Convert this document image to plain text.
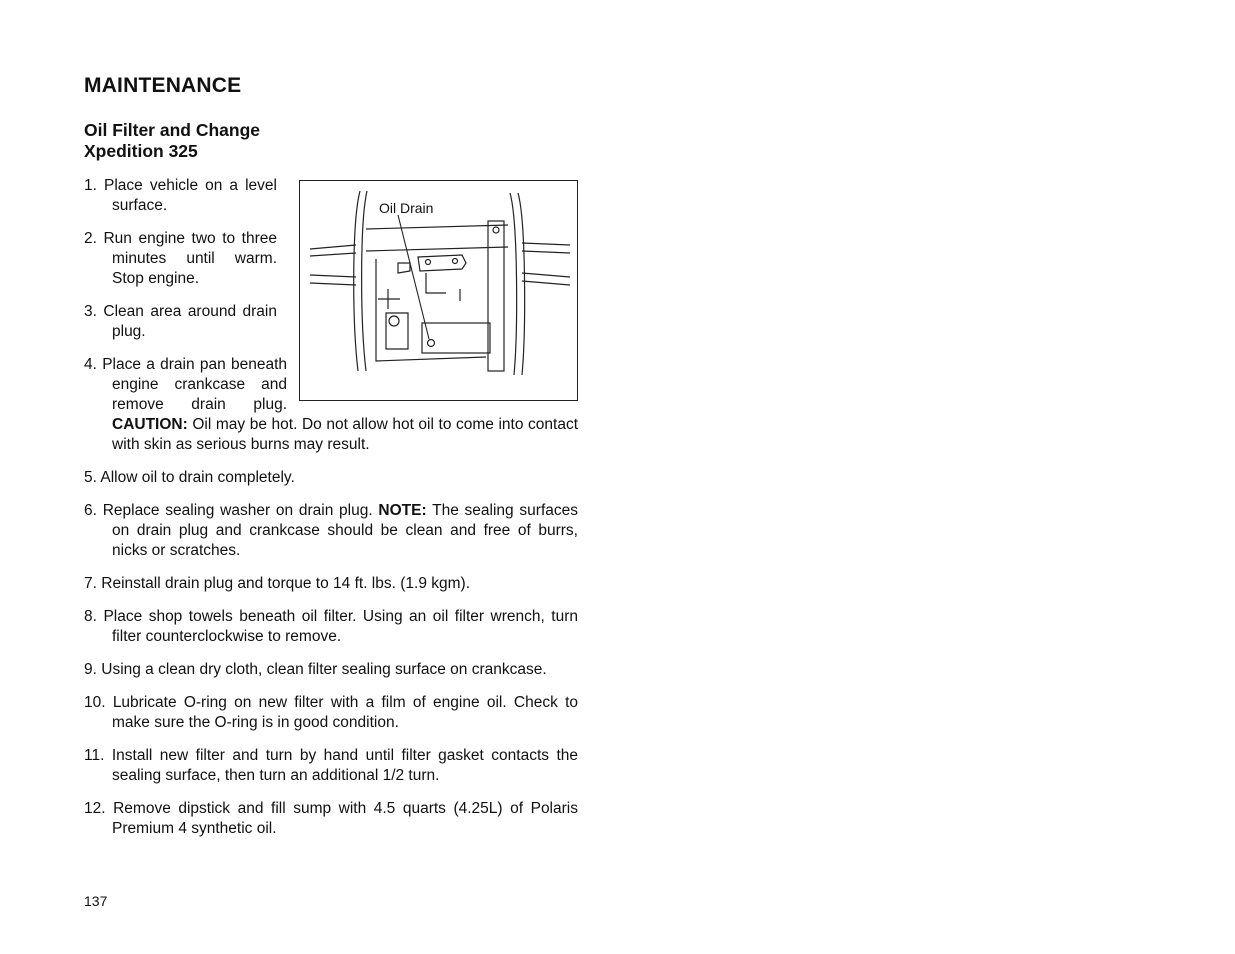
MAINTENANCE
Oil Filter and Change
Xpedition 325
Oil Drain

1. Place vehicle on a level surface.

2. Run engine two to three minutes until warm. Stop engine.

3. Clean area around drain plug.

4. Place a drain pan beneath engine crankcase and remove drain plug. CAUTION: Oil may be hot. Do not allow hot oil to come into contact with skin as serious burns may result.

5. Allow oil to drain completely.

6. Replace sealing washer on drain plug. NOTE: The sealing surfaces on drain plug and crankcase should be clean and free of burrs, nicks or scratches.

7. Reinstall drain plug and torque to 14 ft. lbs. (1.9 kgm).

8. Place shop towels beneath oil filter. Using an oil filter wrench, turn filter counterclockwise to remove.

9. Using a clean dry cloth, clean filter sealing surface on crankcase.

10. Lubricate O-ring on new filter with a film of engine oil. Check to make sure the O-ring is in good condition.

11. Install new filter and turn by hand until filter gasket contacts the sealing surface, then turn an additional 1/2 turn.

12. Remove dipstick and fill sump with 4.5 quarts (4.25L) of Polaris Premium 4 synthetic oil.

137
